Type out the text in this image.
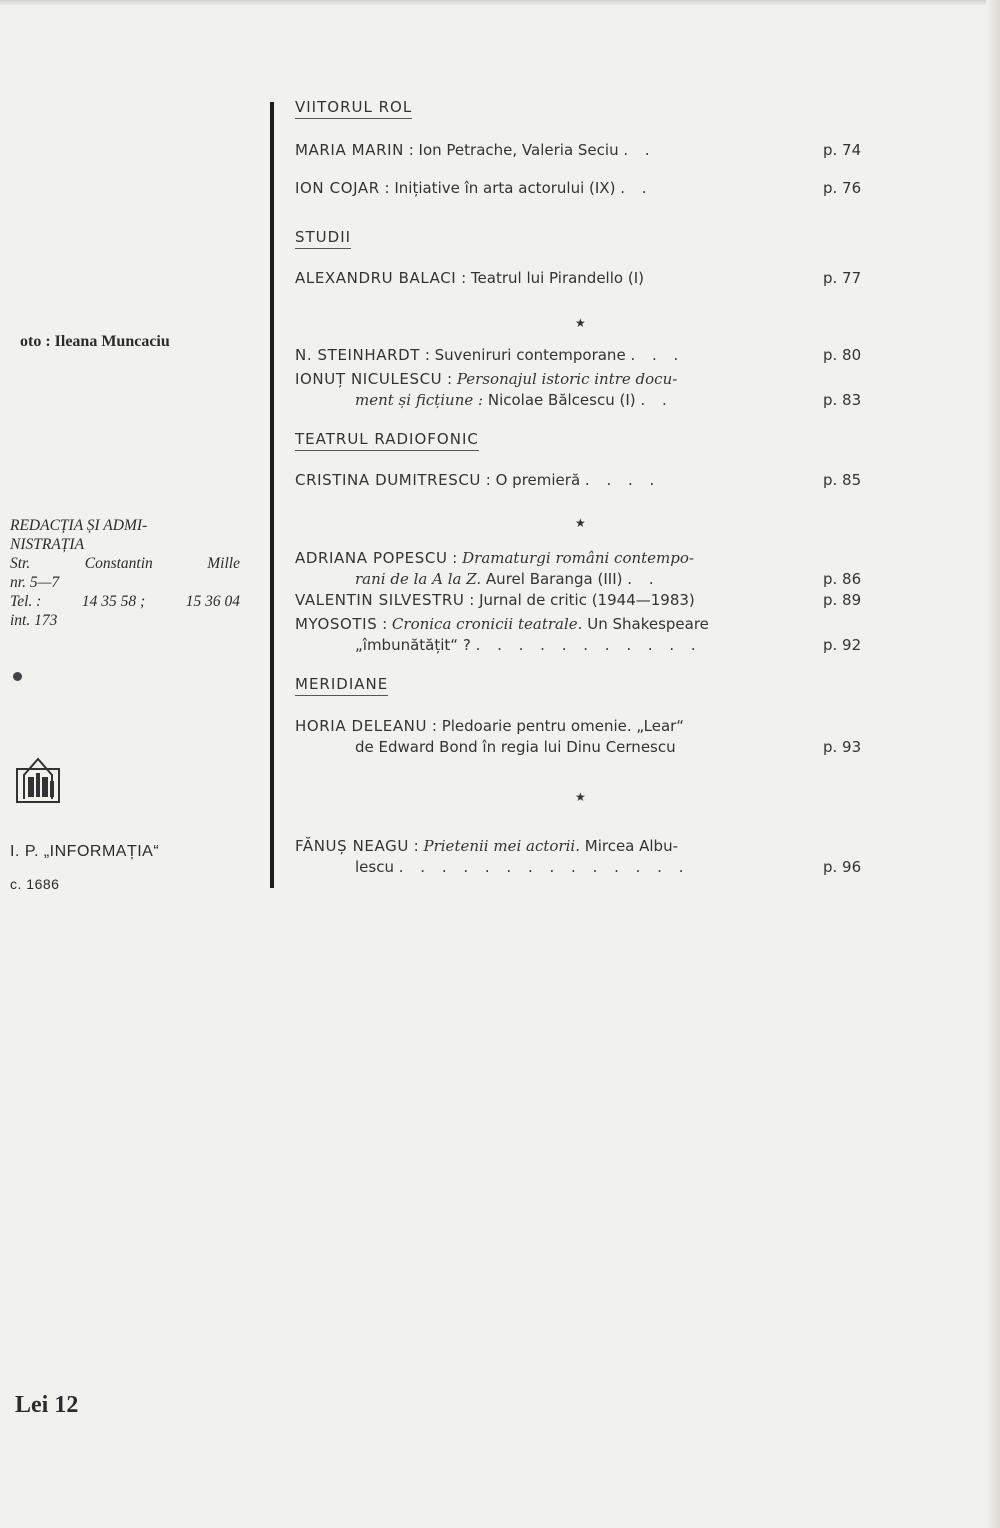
oto : Ileana Muncaciu
REDACȚIA ȘI ADMI-
NISTRAȚIA
Str.	Constantin	Mille
nr. 5—7
Tel. :	14 35 58 ;	15 36 04
int. 173
I. P. „INFORMAȚIA“
c. 1686
Lei 12
VIITORUL ROL
MARIA MARIN : Ion Petrache, Valeria Seciu . .	p. 74
ION COJAR : Inițiative în arta actorului (IX) . .	p. 76
STUDII
ALEXANDRU BALACI : Teatrul lui Pirandello (I)	p. 77
★
N. STEINHARDT : Suveniruri contemporane . . .	p. 80
IONUȚ NICULESCU : Personajul istoric intre docu-
ment și ficțiune : Nicolae Bălcescu (I) . .	p. 83
TEATRUL RADIOFONIC
CRISTINA DUMITRESCU : O premieră . . . .	p. 85
★
ADRIANA POPESCU : Dramaturgi români contempo-
rani de la A la Z. Aurel Baranga (III) . .	p. 86
VALENTIN SILVESTRU : Jurnal de critic (1944—1983)	p. 89
MYOSOTIS : Cronica cronicii teatrale. Un Shakespeare
„îmbunătățit“ ? . . . . . . . . . . .	p. 92
MERIDIANE
HORIA DELEANU : Pledoarie pentru omenie. „Lear“
de Edward Bond în regia lui Dinu Cernescu	p. 93
★
FĂNUȘ NEAGU : Prietenii mei actorii. Mircea Albu-
lescu . . . . . . . . . . . . . .	p. 96
